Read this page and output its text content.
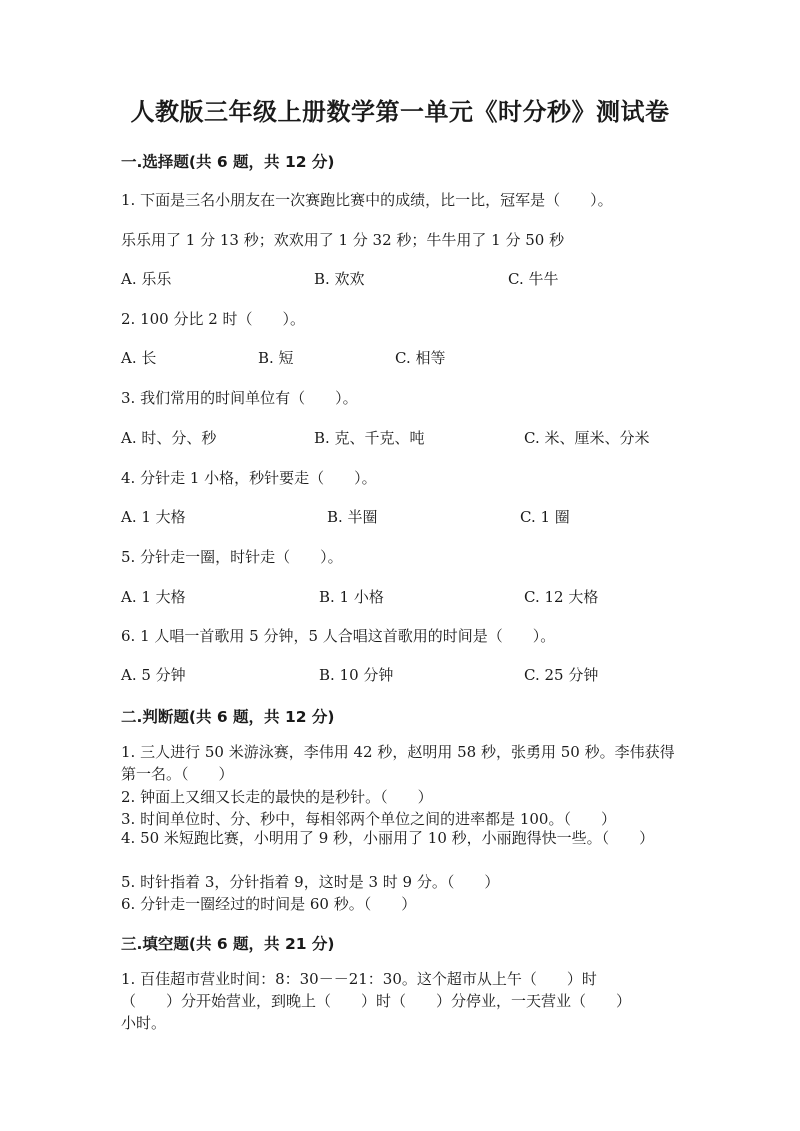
人教版三年级上册数学第一单元《时分秒》测试卷
一.选择题(共 6 题，共 12 分)
1. 下面是三名小朋友在一次赛跑比赛中的成绩，比一比，冠军是（　　）。
乐乐用了 1 分 13 秒；欢欢用了 1 分 32 秒；牛牛用了 1 分 50 秒
A. 乐乐	B. 欢欢	C. 牛牛
2. 100 分比 2 时（　　）。
A. 长	B. 短	C. 相等
3. 我们常用的时间单位有（　　）。
A. 时、分、秒	B. 克、千克、吨	C. 米、厘米、分米
4. 分针走 1 小格，秒针要走（　　）。
A. 1 大格	B. 半圈	C. 1 圈
5. 分针走一圈，时针走（　　）。
A. 1 大格	B. 1 小格	C. 12 大格
6. 1 人唱一首歌用 5 分钟，5 人合唱这首歌用的时间是（　　）。
A. 5 分钟	B. 10 分钟	C. 25 分钟
二.判断题(共 6 题，共 12 分)
1. 三人进行 50 米游泳赛，李伟用 42 秒，赵明用 58 秒，张勇用 50 秒。李伟获得第一名。（　　）
2. 钟面上又细又长走的最快的是秒针。（　　）
3. 时间单位时、分、秒中，每相邻两个单位之间的进率都是 100。（　　）
4. 50 米短跑比赛，小明用了 9 秒，小丽用了 10 秒，小丽跑得快一些。（　　）
5. 时针指着 3，分针指着 9，这时是 3 时 9 分。（　　）
6. 分针走一圈经过的时间是 60 秒。（　　）
三.填空题(共 6 题，共 21 分)
1. 百佳超市营业时间：8：30－－21：30。这个超市从上午（　　）时（　　）分开始营业，到晚上（　　）时（　　）分停业，一天营业（　　）小时。
